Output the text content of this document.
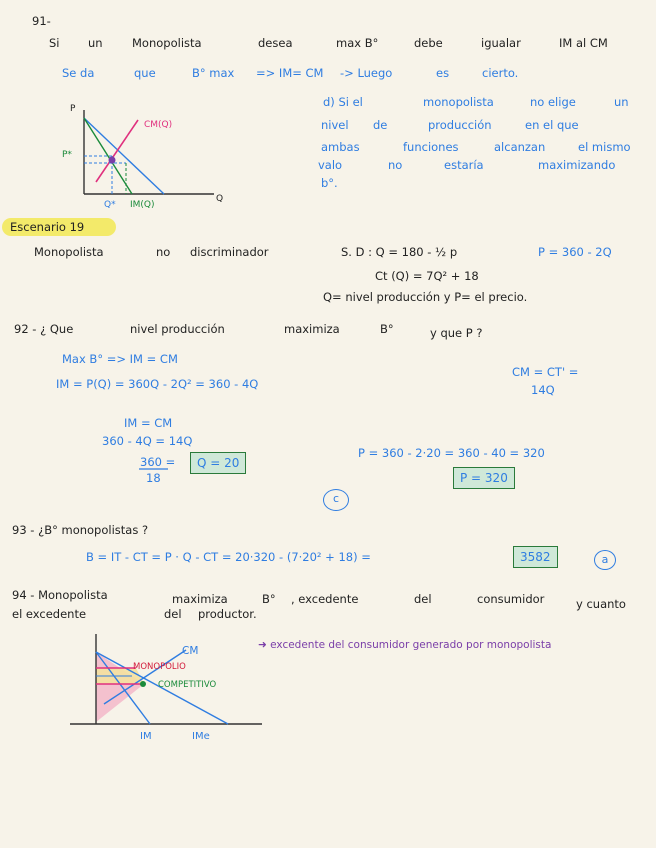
91-
Si un	Monopolista	desea	max B°	debe	igualar	IM al CM
Se da	que	B° max => IM= CM -> Luego	es	cierto.
d) Si el	monopolista	no elige	un
nivel de	producción	en el que
ambas	funciones	alcanzan	el mismo
valo	no	estaría	maximizando
b°.
P
Q
P*
Q*
CM(Q)
IM(Q)
Escenario 19
Monopolista	no discriminador	S. D : Q = 180 - ½ p	P = 360 - 2Q
Ct (Q) = 7Q² + 18
Q= nivel producción y P= el precio.
92 - ¿ Que	nivel producción	maximiza	B°	y que P ?
Max B° => IM = CM
IM = P(Q) = 360Q - 2Q² = 360 - 4Q
CM = CT' =
14Q
IM = CM
360 - 4Q = 14Q
360 =
18
Q = 20
P = 360 - 2·20 = 360 - 40 = 320
P = 320
c
93 - ¿B° monopolistas ?
B = IT - CT = P · Q - CT = 20·320 - (7·20² + 18) =	3582	a
94 - Monopolista	maximiza	B° , excedente	del	consumidor	y cuanto
el excedente	del productor.
➜ excedente del consumidor generado por monopolista
CM
MONOPOLIO
COMPETITIVO
IM	IMe
